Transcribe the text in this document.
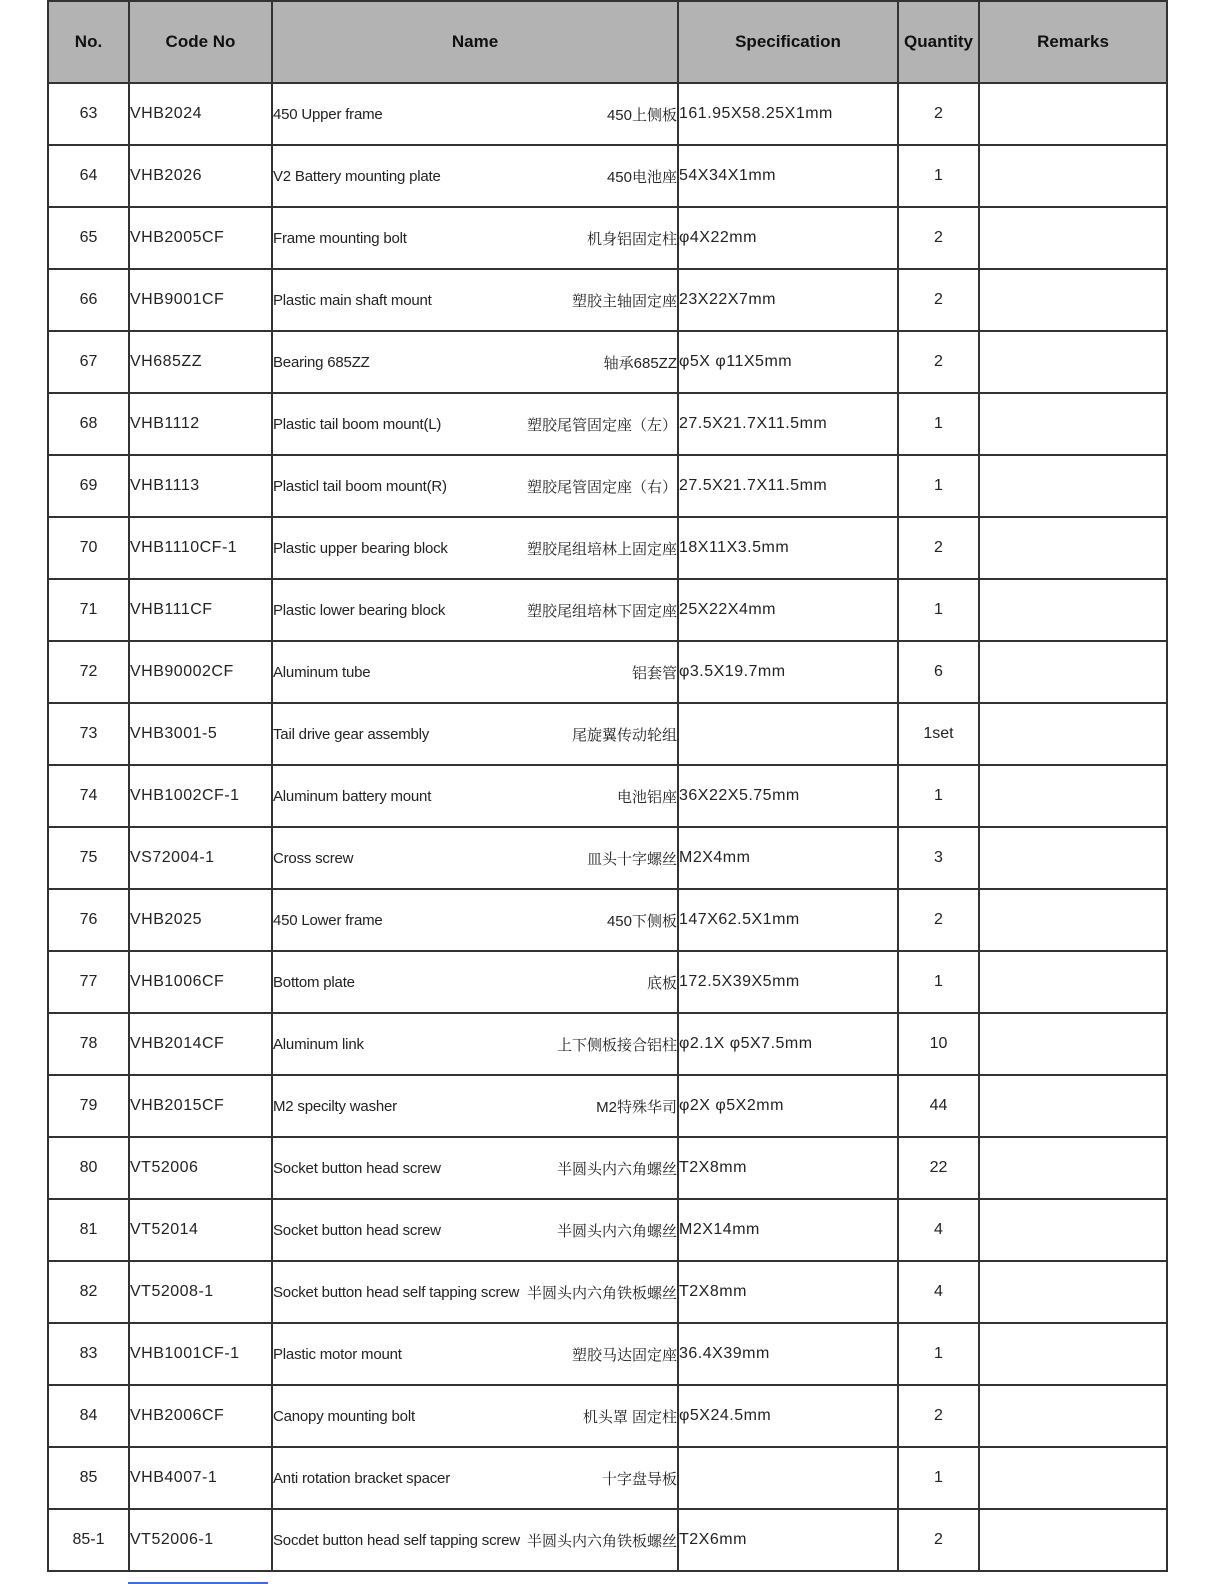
No.	Code No	Name	Specification	Quantity	Remarks
63	VHB2024	450 Upper frame 450上侧板	161.95X58.25X1mm	2	
64	VHB2026	V2 Battery mounting plate 450电池座	54X34X1mm	1	
65	VHB2005CF	Frame mounting bolt 机身铝固定柱	φ4X22mm	2	
66	VHB9001CF	Plastic main shaft mount 塑胶主轴固定座	23X22X7mm	2	
67	VH685ZZ	Bearing 685ZZ 轴承685ZZ	φ5X φ11X5mm	2	
68	VHB1112	Plastic tail boom mount(L) 塑胶尾管固定座（左）	27.5X21.7X11.5mm	1	
69	VHB1113	Plasticl tail boom mount(R) 塑胶尾管固定座（右）	27.5X21.7X11.5mm	1	
70	VHB1110CF-1	Plastic upper bearing block 塑胶尾组培林上固定座	18X11X3.5mm	2	
71	VHB111CF	Plastic lower bearing block 塑胶尾组培林下固定座	25X22X4mm	1	
72	VHB90002CF	Aluminum tube 铝套管	φ3.5X19.7mm	6	
73	VHB3001-5	Tail drive gear assembly 尾旋翼传动轮组		1set	
74	VHB1002CF-1	Aluminum battery mount 电池铝座	36X22X5.75mm	1	
75	VS72004-1	Cross screw 皿头十字螺丝	M2X4mm	3	
76	VHB2025	450 Lower frame 450下侧板	147X62.5X1mm	2	
77	VHB1006CF	Bottom plate 底板	172.5X39X5mm	1	
78	VHB2014CF	Aluminum link 上下侧板接合铝柱	φ2.1X φ5X7.5mm	10	
79	VHB2015CF	M2 specilty washer M2特殊华司	φ2X φ5X2mm	44	
80	VT52006	Socket button head screw 半圆头内六角螺丝	T2X8mm	22	
81	VT52014	Socket button head screw 半圆头内六角螺丝	M2X14mm	4	
82	VT52008-1	Socket button head self tapping screw 半圆头内六角铁板螺丝	T2X8mm	4	
83	VHB1001CF-1	Plastic motor mount 塑胶马达固定座	36.4X39mm	1	
84	VHB2006CF	Canopy mounting bolt 机头罩 固定柱	φ5X24.5mm	2	
85	VHB4007-1	Anti rotation bracket spacer 十字盘导板		1	
85-1	VT52006-1	Socdet button head self tapping screw 半圆头内六角铁板螺丝	T2X6mm	2	
